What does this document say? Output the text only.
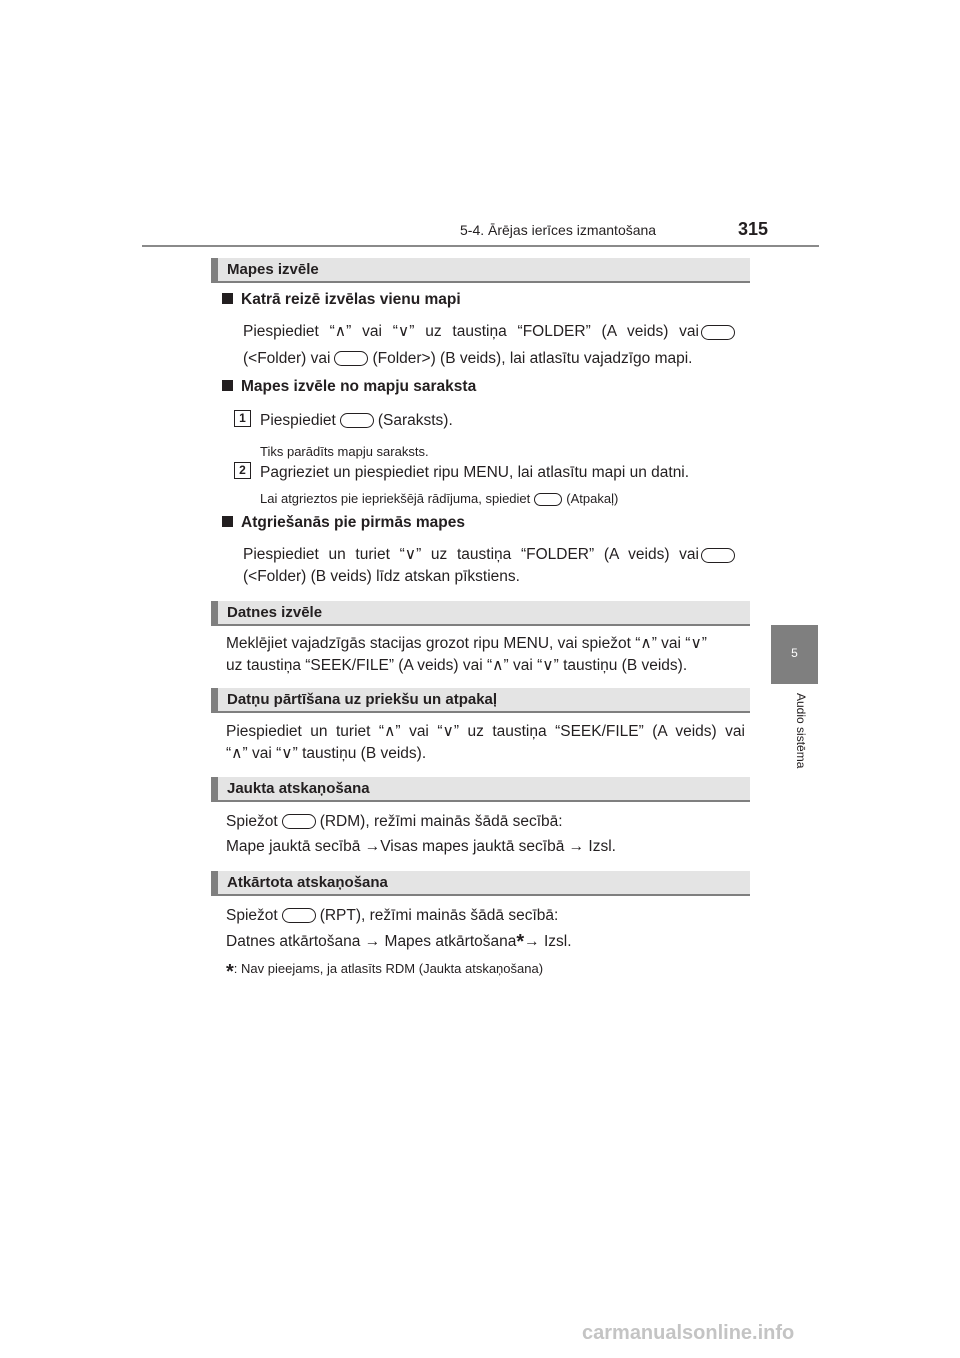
5-4. Ārējas ierīces izmantošana	315
5
Audio sistēma
Mapes izvēle
Katrā reizē izvēlas vienu mapi
Piespiediet “∧” vai “∨” uz taustiņa “FOLDER” (A veids) vai
(<Folder) vai	(Folder>) (B veids), lai atlasītu vajadzīgo mapi.
Mapes izvēle no mapju saraksta
1 Piespiediet	(Saraksts).
Tiks parādīts mapju saraksts.
2 Pagrieziet un piespiediet ripu MENU, lai atlasītu mapi un datni.
Lai atgrieztos pie iepriekšējā rādījuma, spiediet	(Atpakaļ)
Atgriešanās pie pirmās mapes
Piespiediet un turiet “∨” uz taustiņa “FOLDER” (A veids) vai
(<Folder) (B veids) līdz atskan pīkstiens.
Datnes izvēle
Meklējiet vajadzīgās stacijas grozot ripu MENU, vai spiežot “∧” vai “∨”
uz taustiņa “SEEK/FILE” (A veids) vai “∧” vai “∨” taustiņu (B veids).
Datņu pārtīšana uz priekšu un atpakaļ
Piespiediet un turiet “∧” vai “∨” uz taustiņa “SEEK/FILE” (A veids) vai
“∧” vai “∨” taustiņu (B veids).
Jaukta atskaņošana
Spiežot	(RDM), režīmi mainās šādā secībā:
Mape jauktā secībā →Visas mapes jauktā secībā → Izsl.
Atkārtota atskaņošana
Spiežot	(RPT), režīmi mainās šādā secībā:
Datnes atkārtošana → Mapes atkārtošana*→ Izsl.
*: Nav pieejams, ja atlasīts RDM (Jaukta atskaņošana)
carmanualsonline.info
